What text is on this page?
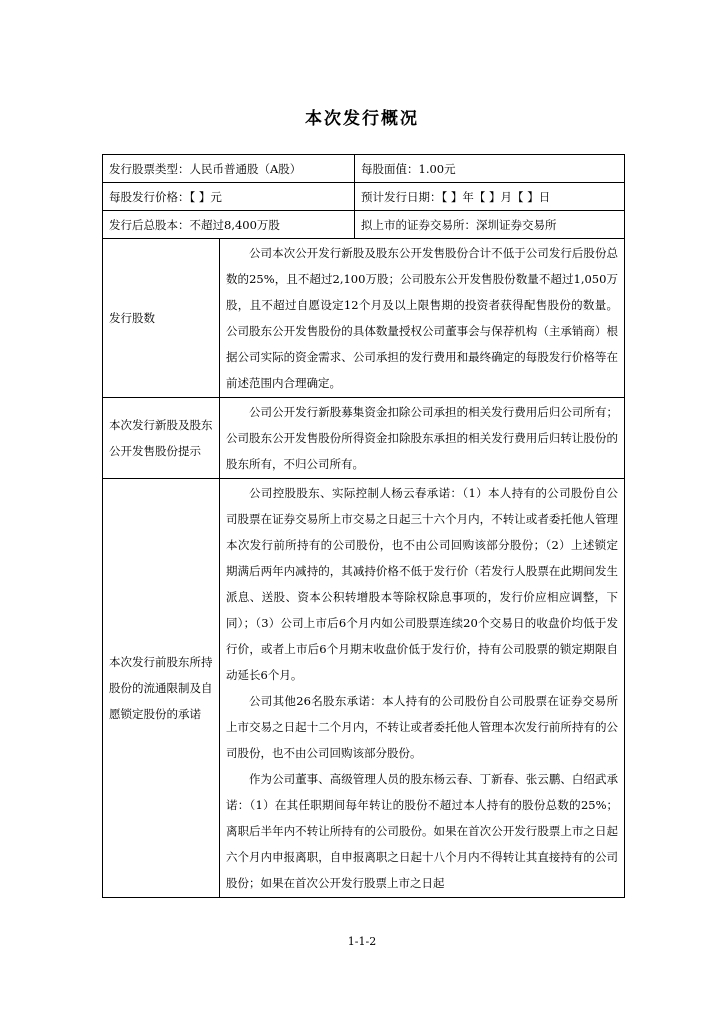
本次发行概况
发行股票类型：人民币普通股（A股）		每股面值：1.00元
每股发行价格：【 】元		预计发行日期：【 】年【 】月【 】日
发行后总股本：不超过8,400万股		拟上市的证券交易所：深圳证券交易所
发行股数	公司本次公开发行新股及股东公开发售股份合计不低于公司发行后股份总数的25%，且不超过2,100万股；公司股东公开发售股份数量不超过1,050万股，且不超过自愿设定12个月及以上限售期的投资者获得配售股份的数量。公司股东公开发售股份的具体数量授权公司董事会与保荐机构（主承销商）根据公司实际的资金需求、公司承担的发行费用和最终确定的每股发行价格等在前述范围内合理确定。	

本次发行新股及股东公开发售股份提示	公司公开发行新股募集资金扣除公司承担的相关发行费用后归公司所有；公司股东公开发售股份所得资金扣除股东承担的相关发行费用后归转让股份的股东所有，不归公司所有。	

本次发行前股东所持股份的流通限制及自愿锁定股份的承诺	公司控股股东、实际控制人杨云春承诺：（1）本人持有的公司股份自公司股票在证券交易所上市交易之日起三十六个月内，不转让或者委托他人管理本次发行前所持有的公司股份，也不由公司回购该部分股份；（2）上述锁定期满后两年内减持的，其减持价格不低于发行价（若发行人股票在此期间发生派息、送股、资本公积转增股本等除权除息事项的，发行价应相应调整，下同）；（3）公司上市后6个月内如公司股票连续20个交易日的收盘价均低于发行价，或者上市后6个月期末收盘价低于发行价，持有公司股票的锁定期限自动延长6个月。
公司其他26名股东承诺：本人持有的公司股份自公司股票在证券交易所上市交易之日起十二个月内，不转让或者委托他人管理本次发行前所持有的公司股份，也不由公司回购该部分股份。
作为公司董事、高级管理人员的股东杨云春、丁新春、张云鹏、白绍武承诺：（1）在其任职期间每年转让的股份不超过本人持有的股份总数的25%；离职后半年内不转让所持有的公司股份。如果在首次公开发行股票上市之日起六个月内申报离职，自申报离职之日起十八个月内不得转让其直接持有的公司股份；如果在首次公开发行股票上市之日起	
1-1-2
